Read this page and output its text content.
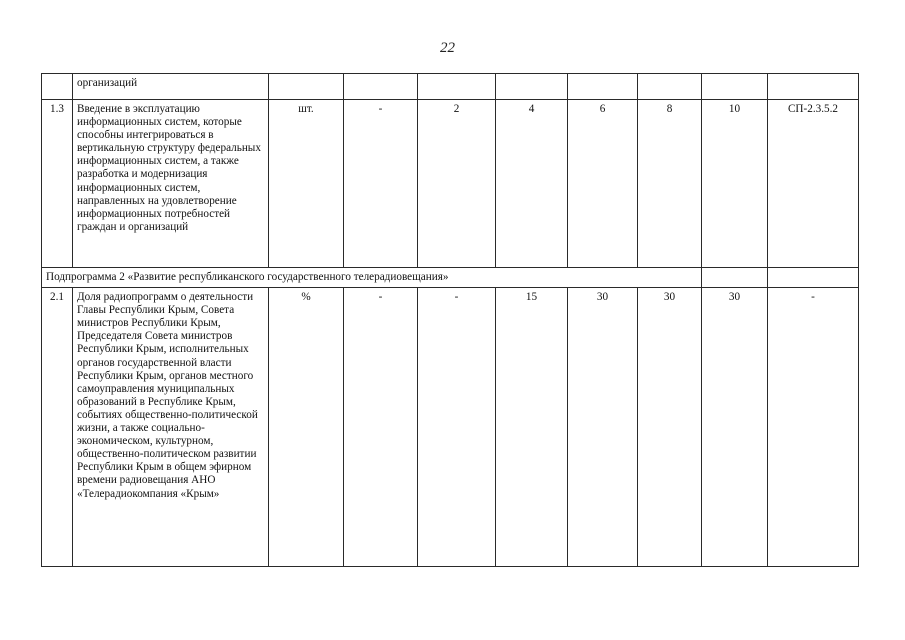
22
	организаций								
1.3	Введение в эксплуатацию информационных систем, которые способны интегрироваться в вертикальную структуру федеральных информационных систем, а также разработка и модернизация информационных систем, направленных на удовлетворение информационных потребностей граждан и организаций	шт.	-	2	4	6	8	10	СП-2.3.5.2
Подпрограмма 2 «Развитие республиканского государственного телерадиовещания»									
2.1	Доля радиопрограмм о деятельности Главы Республики Крым, Совета министров Республики Крым, Председателя Совета министров Республики Крым, исполнительных органов государственной власти Республики Крым, органов местного самоуправления муниципальных образований в Республике Крым, событиях общественно-политической жизни, а также социально-экономическом, культурном, общественно-политическом развитии Республики Крым в общем эфирном времени радиовещания АНО «Телерадиокомпания «Крым»	%	-	-	15	30	30	30	-
